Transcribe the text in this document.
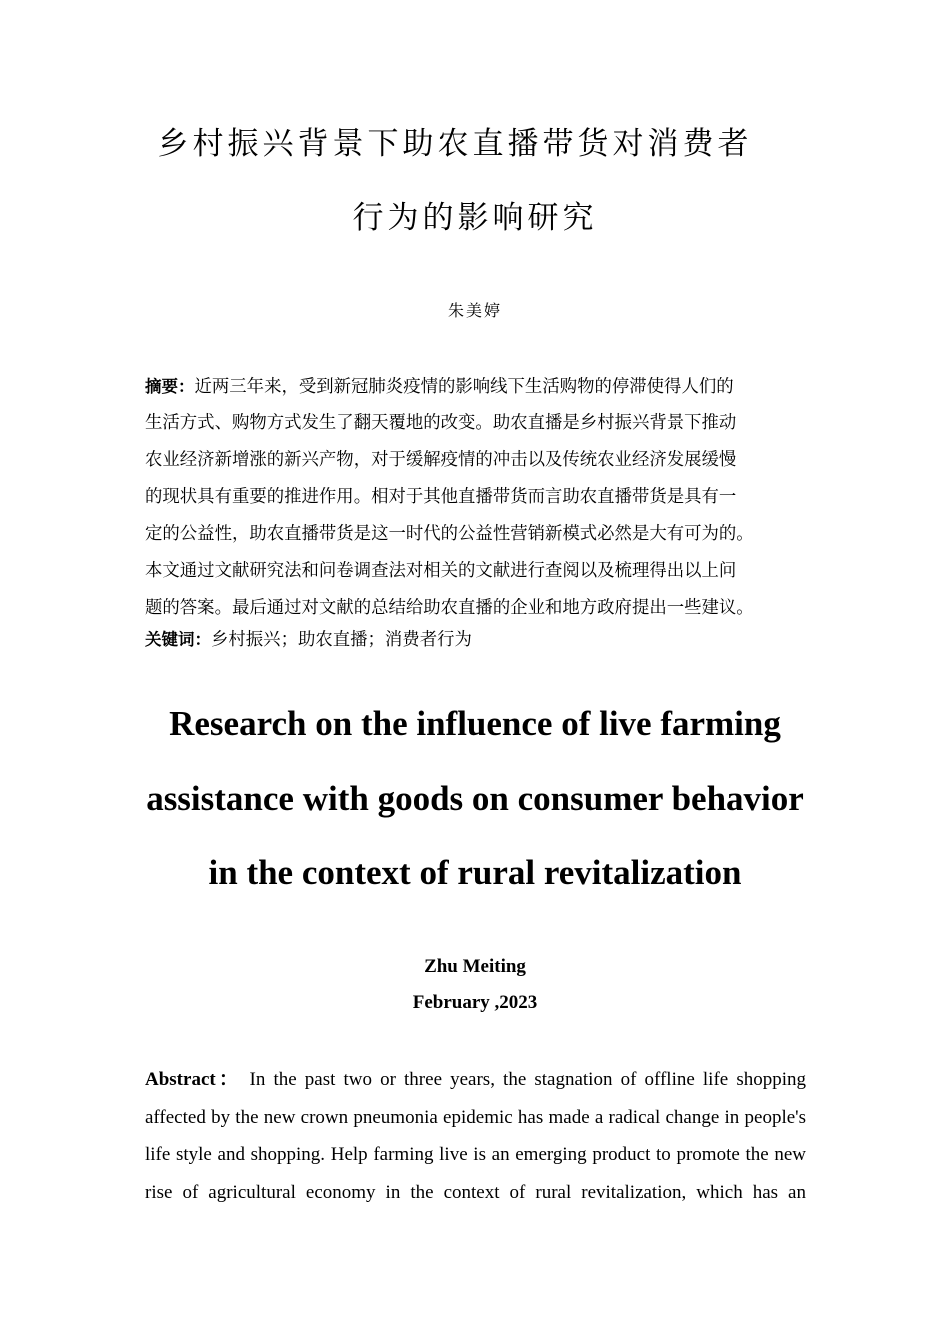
乡村振兴背景下助农直播带货对消费者
行为的影响研究
朱美婷
摘要：近两三年来，受到新冠肺炎疫情的影响线下生活购物的停滞使得人们的
生活方式、购物方式发生了翻天覆地的改变。助农直播是乡村振兴背景下推动
农业经济新增涨的新兴产物，对于缓解疫情的冲击以及传统农业经济发展缓慢
的现状具有重要的推进作用。相对于其他直播带货而言助农直播带货是具有一
定的公益性，助农直播带货是这一时代的公益性营销新模式必然是大有可为的。
本文通过文献研究法和问卷调查法对相关的文献进行查阅以及梳理得出以上问
题的答案。最后通过对文献的总结给助农直播的企业和地方政府提出一些建议。
关键词：乡村振兴；助农直播；消费者行为
Research on the influence of live farming
assistance with goods on consumer behavior
in the context of rural revitalization
Zhu Meiting
February ,2023
Abstract： In the past two or three years, the stagnation of offline life shopping
affected by the new crown pneumonia epidemic has made a radical change in people's
life style and shopping. Help farming live is an emerging product to promote the new
rise of agricultural economy in the context of rural revitalization, which has an
